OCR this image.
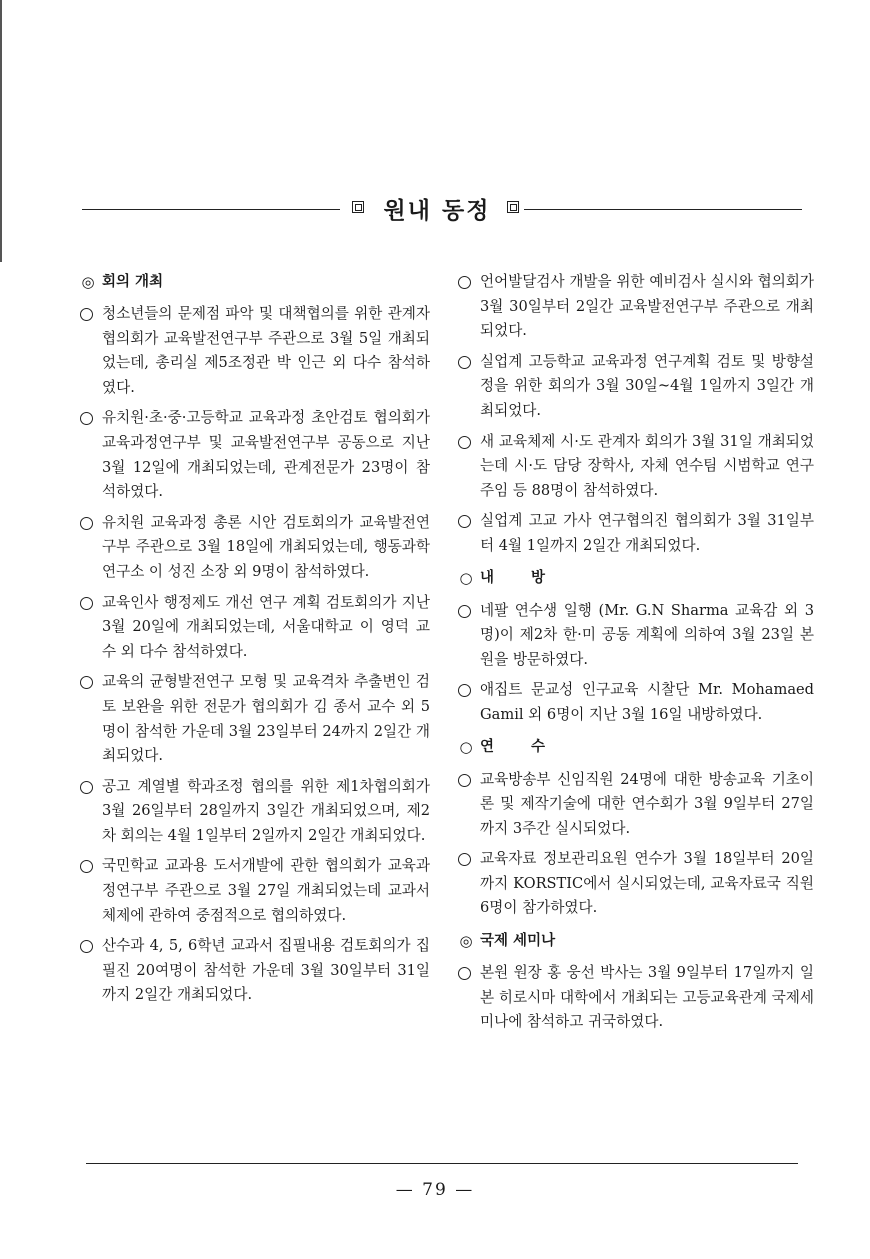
원내 동정
◎ 회의 개최
청소년들의 문제점 파악 및 대책협의를 위한 관계자 협의회가 교육발전연구부 주관으로 3월 5일 개최되었는데, 총리실 제5조정관 박 인근 외 다수 참석하였다.
유치원·초·중·고등학교 교육과정 초안검토 협의회가 교육과정연구부 및 교육발전연구부 공동으로 지난 3월 12일에 개최되었는데, 관계전문가 23명이 참석하였다.
유치원 교육과정 총론 시안 검토회의가 교육발전연구부 주관으로 3월 18일에 개최되었는데, 행동과학연구소 이 성진 소장 외 9명이 참석하였다.
교육인사 행정제도 개선 연구 계획 검토회의가 지난 3월 20일에 개최되었는데, 서울대학교 이 영덕 교수 외 다수 참석하였다.
교육의 균형발전연구 모형 및 교육격차 추출변인 검토 보완을 위한 전문가 협의회가 김 종서 교수 외 5명이 참석한 가운데 3월 23일부터 24까지 2일간 개최되었다.
공고 계열별 학과조정 협의를 위한 제1차협의회가 3월 26일부터 28일까지 3일간 개최되었으며, 제2차 회의는 4월 1일부터 2일까지 2일간 개최되었다.
국민학교 교과용 도서개발에 관한 협의회가 교육과정연구부 주관으로 3월 27일 개최되었는데 교과서 체제에 관하여 중점적으로 협의하였다.
산수과 4, 5, 6학년 교과서 집필내용 검토회의가 집필진 20여명이 참석한 가운데 3월 30일부터 31일까지 2일간 개최되었다.
언어발달검사 개발을 위한 예비검사 실시와 협의회가 3월 30일부터 2일간 교육발전연구부 주관으로 개최되었다.
실업계 고등학교 교육과정 연구계획 검토 및 방향설정을 위한 회의가 3월 30일~4월 1일까지 3일간 개최되었다.
새 교육체제 시·도 관계자 회의가 3월 31일 개최되었는데 시·도 담당 장학사, 자체 연수팀 시범학교 연구주임 등 88명이 참석하였다.
실업계 고교 가사 연구협의진 협의회가 3월 31일부터 4월 1일까지 2일간 개최되었다.
○ 내 방
네팔 연수생 일행 (Mr. G.N Sharma 교육감 외 3명)이 제2차 한·미 공동 계획에 의하여 3월 23일 본원을 방문하였다.
애집트 문교성 인구교육 시찰단 Mr. Mohamaed Gamil 외 6명이 지난 3월 16일 내방하였다.
○ 연 수
교육방송부 신임직원 24명에 대한 방송교육 기초이론 및 제작기술에 대한 연수회가 3월 9일부터 27일까지 3주간 실시되었다.
교육자료 정보관리요원 연수가 3월 18일부터 20일까지 KORSTIC에서 실시되었는데, 교육자료국 직원 6명이 참가하였다.
◎ 국제 세미나
본원 원장 홍 웅선 박사는 3월 9일부터 17일까지 일본 히로시마 대학에서 개최되는 고등교육관계 국제세미나에 참석하고 귀국하였다.
— 79 —
